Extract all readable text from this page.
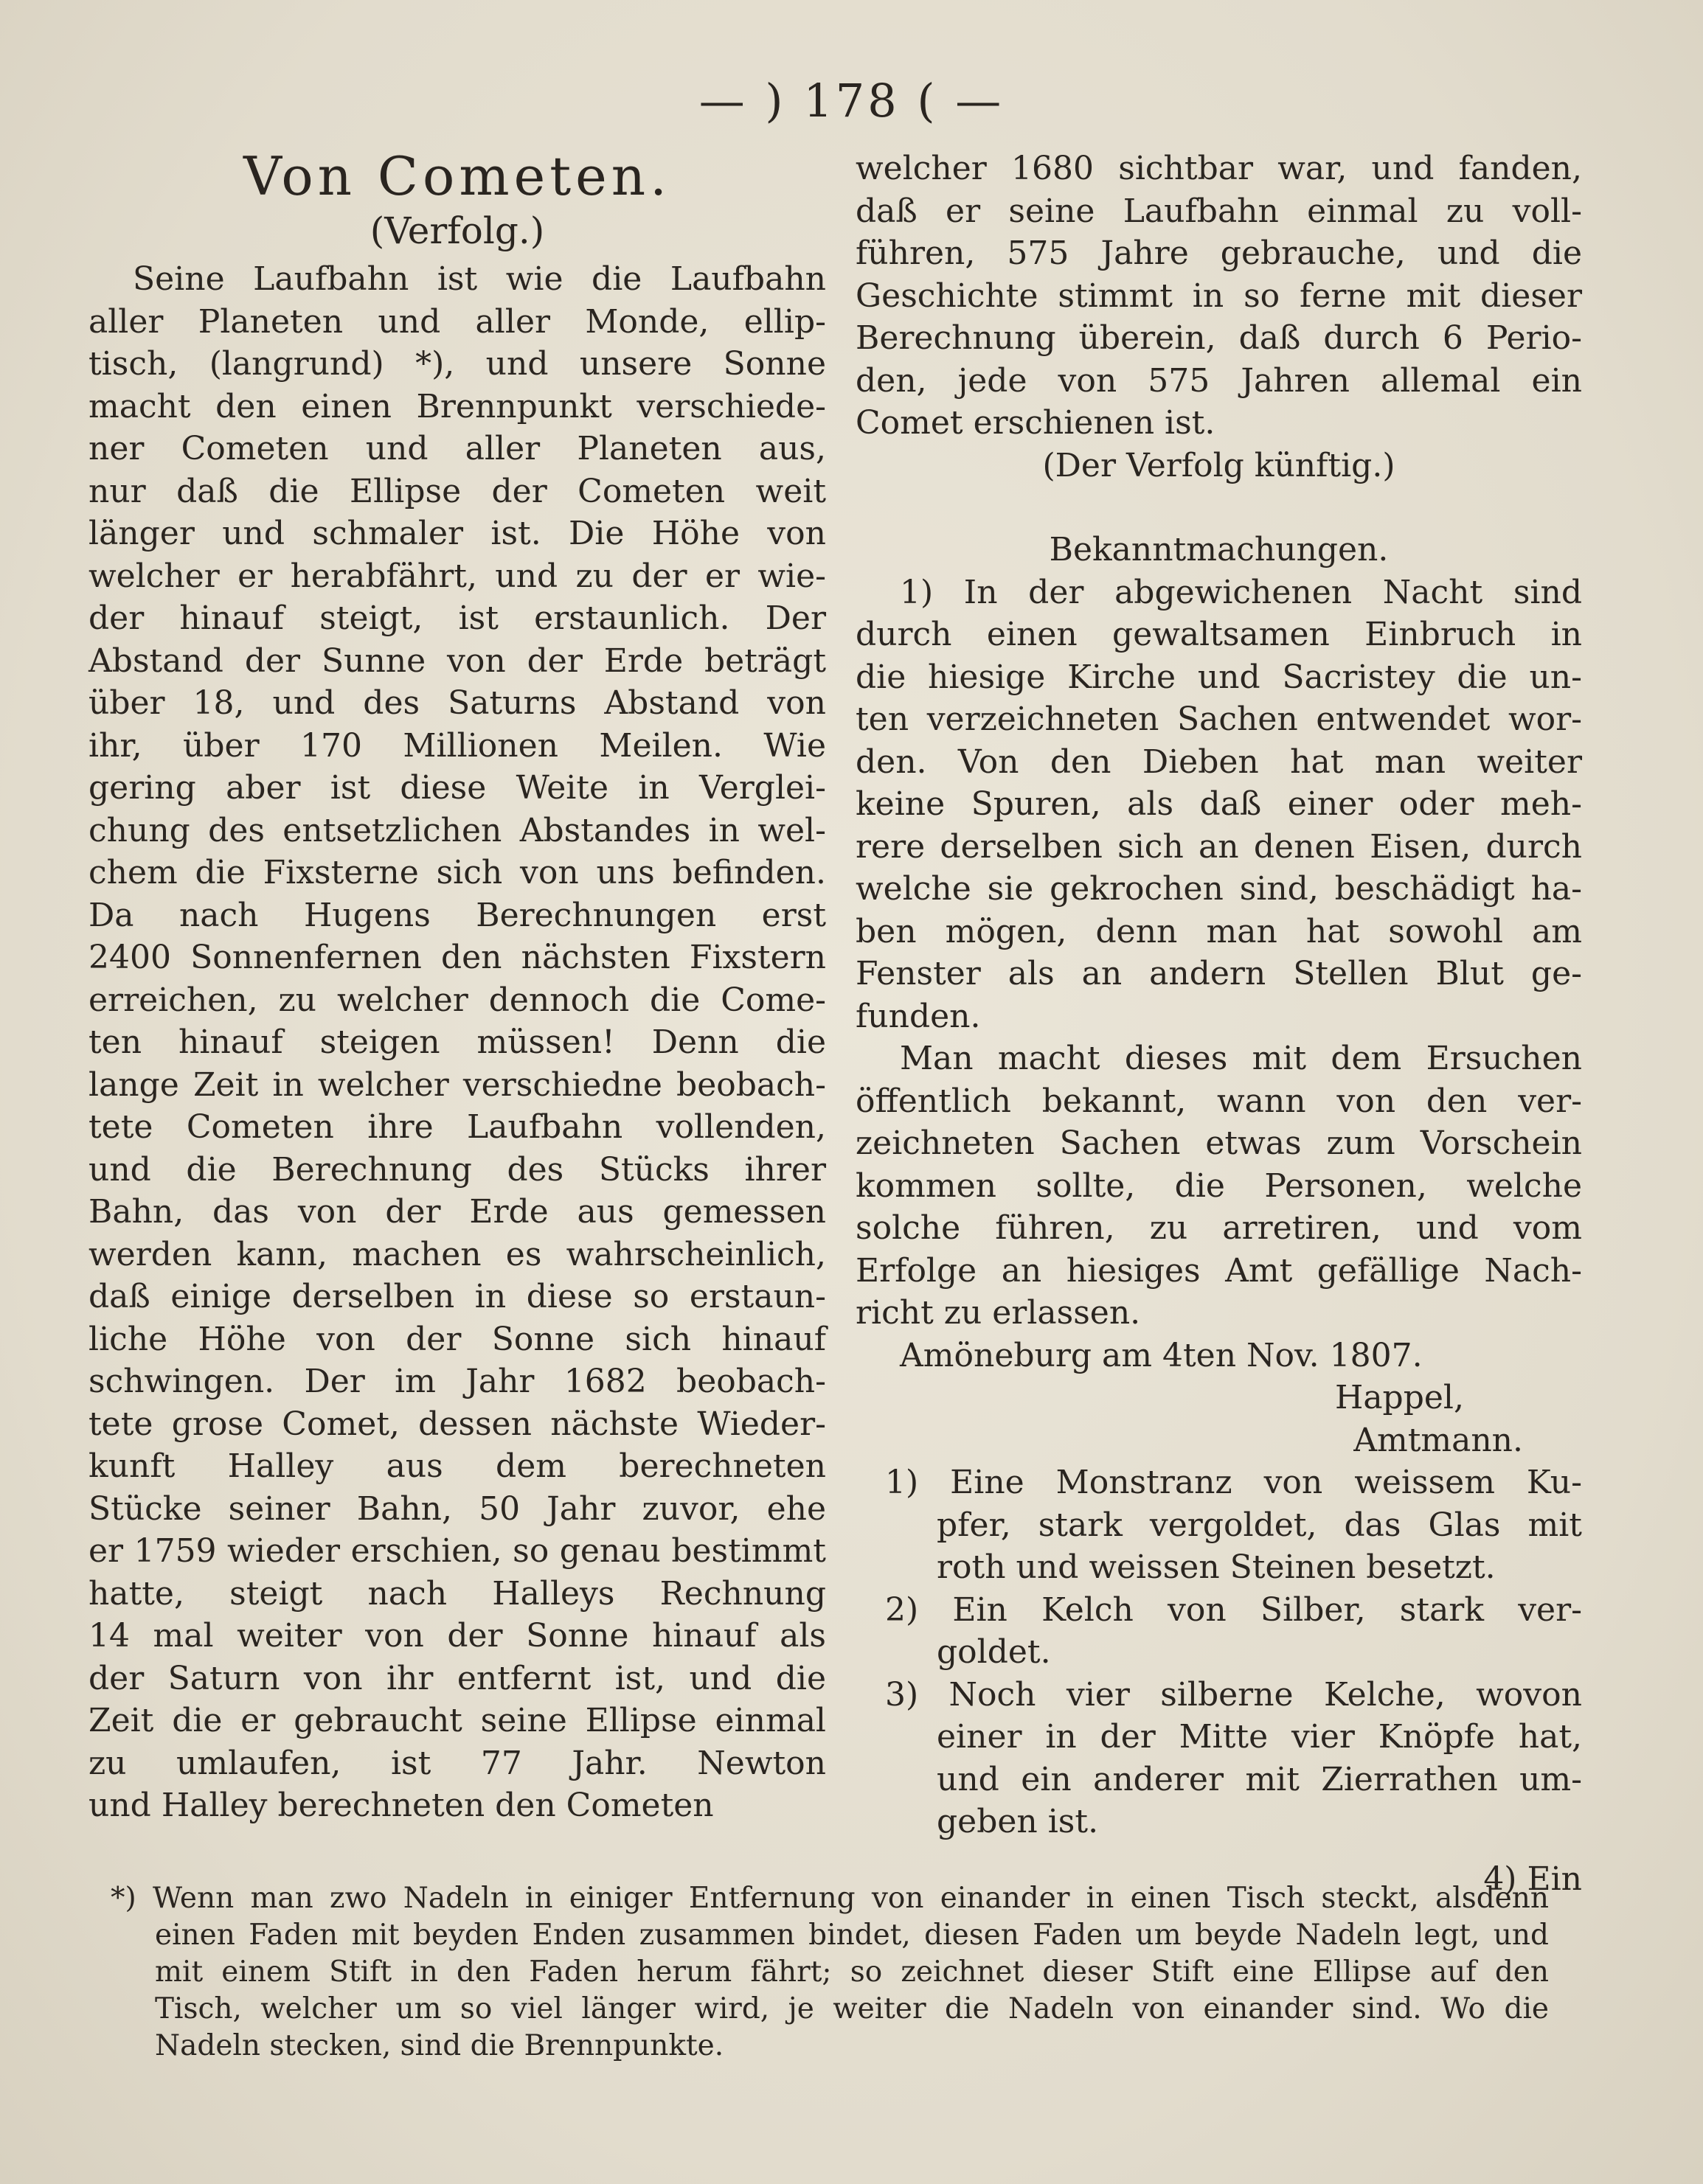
— ) 178 ( —
Von Cometen.
(Verfolg.)
Seine Laufbahn ist wie die Laufbahn
aller Planeten und aller Monde, ellip-
tisch, (langrund) *), und unsere Sonne
macht den einen Brennpunkt verschiede-
ner Cometen und aller Planeten aus,
nur daß die Ellipse der Cometen weit
länger und schmaler ist. Die Höhe von
welcher er herabfährt, und zu der er wie-
der hinauf steigt, ist erstaunlich. Der
Abstand der Sunne von der Erde beträgt
über 18, und des Saturns Abstand von
ihr, über 170 Millionen Meilen. Wie
gering aber ist diese Weite in Verglei-
chung des entsetzlichen Abstandes in wel-
chem die Fixsterne sich von uns befinden.
Da nach Hugens Berechnungen erst
2400 Sonnenfernen den nächsten Fixstern
erreichen, zu welcher dennoch die Come-
ten hinauf steigen müssen! Denn die
lange Zeit in welcher verschiedne beobach-
tete Cometen ihre Laufbahn vollenden,
und die Berechnung des Stücks ihrer
Bahn, das von der Erde aus gemessen
werden kann, machen es wahrscheinlich,
daß einige derselben in diese so erstaun-
liche Höhe von der Sonne sich hinauf
schwingen. Der im Jahr 1682 beobach-
tete grose Comet, dessen nächste Wieder-
kunft Halley aus dem berechneten
Stücke seiner Bahn, 50 Jahr zuvor, ehe
er 1759 wieder erschien, so genau bestimmt
hatte, steigt nach Halleys Rechnung
14 mal weiter von der Sonne hinauf als
der Saturn von ihr entfernt ist, und die
Zeit die er gebraucht seine Ellipse einmal
zu umlaufen, ist 77 Jahr. Newton
und Halley berechneten den Cometen
welcher 1680 sichtbar war, und fanden,
daß er seine Laufbahn einmal zu voll-
führen, 575 Jahre gebrauche, und die
Geschichte stimmt in so ferne mit dieser
Berechnung überein, daß durch 6 Perio-
den, jede von 575 Jahren allemal ein
Comet erschienen ist.
(Der Verfolg künftig.)
Bekanntmachungen.
1) In der abgewichenen Nacht sind
durch einen gewaltsamen Einbruch in
die hiesige Kirche und Sacristey die un-
ten verzeichneten Sachen entwendet wor-
den. Von den Dieben hat man weiter
keine Spuren, als daß einer oder meh-
rere derselben sich an denen Eisen, durch
welche sie gekrochen sind, beschädigt ha-
ben mögen, denn man hat sowohl am
Fenster als an andern Stellen Blut ge-
funden.
Man macht dieses mit dem Ersuchen
öffentlich bekannt, wann von den ver-
zeichneten Sachen etwas zum Vorschein
kommen sollte, die Personen, welche
solche führen, zu arretiren, und vom
Erfolge an hiesiges Amt gefällige Nach-
richt zu erlassen.
Amöneburg am 4ten Nov. 1807.
Happel,
Amtmann.
1) Eine Monstranz von weissem Ku-
pfer, stark vergoldet, das Glas mit
roth und weissen Steinen besetzt.
2) Ein Kelch von Silber, stark ver-
goldet.
3) Noch vier silberne Kelche, wovon
einer in der Mitte vier Knöpfe hat,
und ein anderer mit Zierrathen um-
geben ist.
4) Ein
*) Wenn man zwo Nadeln in einiger Entfernung von einander in einen Tisch steckt, alsdenn
einen Faden mit beyden Enden zusammen bindet, diesen Faden um beyde Nadeln legt, und
mit einem Stift in den Faden herum fährt; so zeichnet dieser Stift eine Ellipse auf den
Tisch, welcher um so viel länger wird, je weiter die Nadeln von einander sind. Wo die
Nadeln stecken, sind die Brennpunkte.
